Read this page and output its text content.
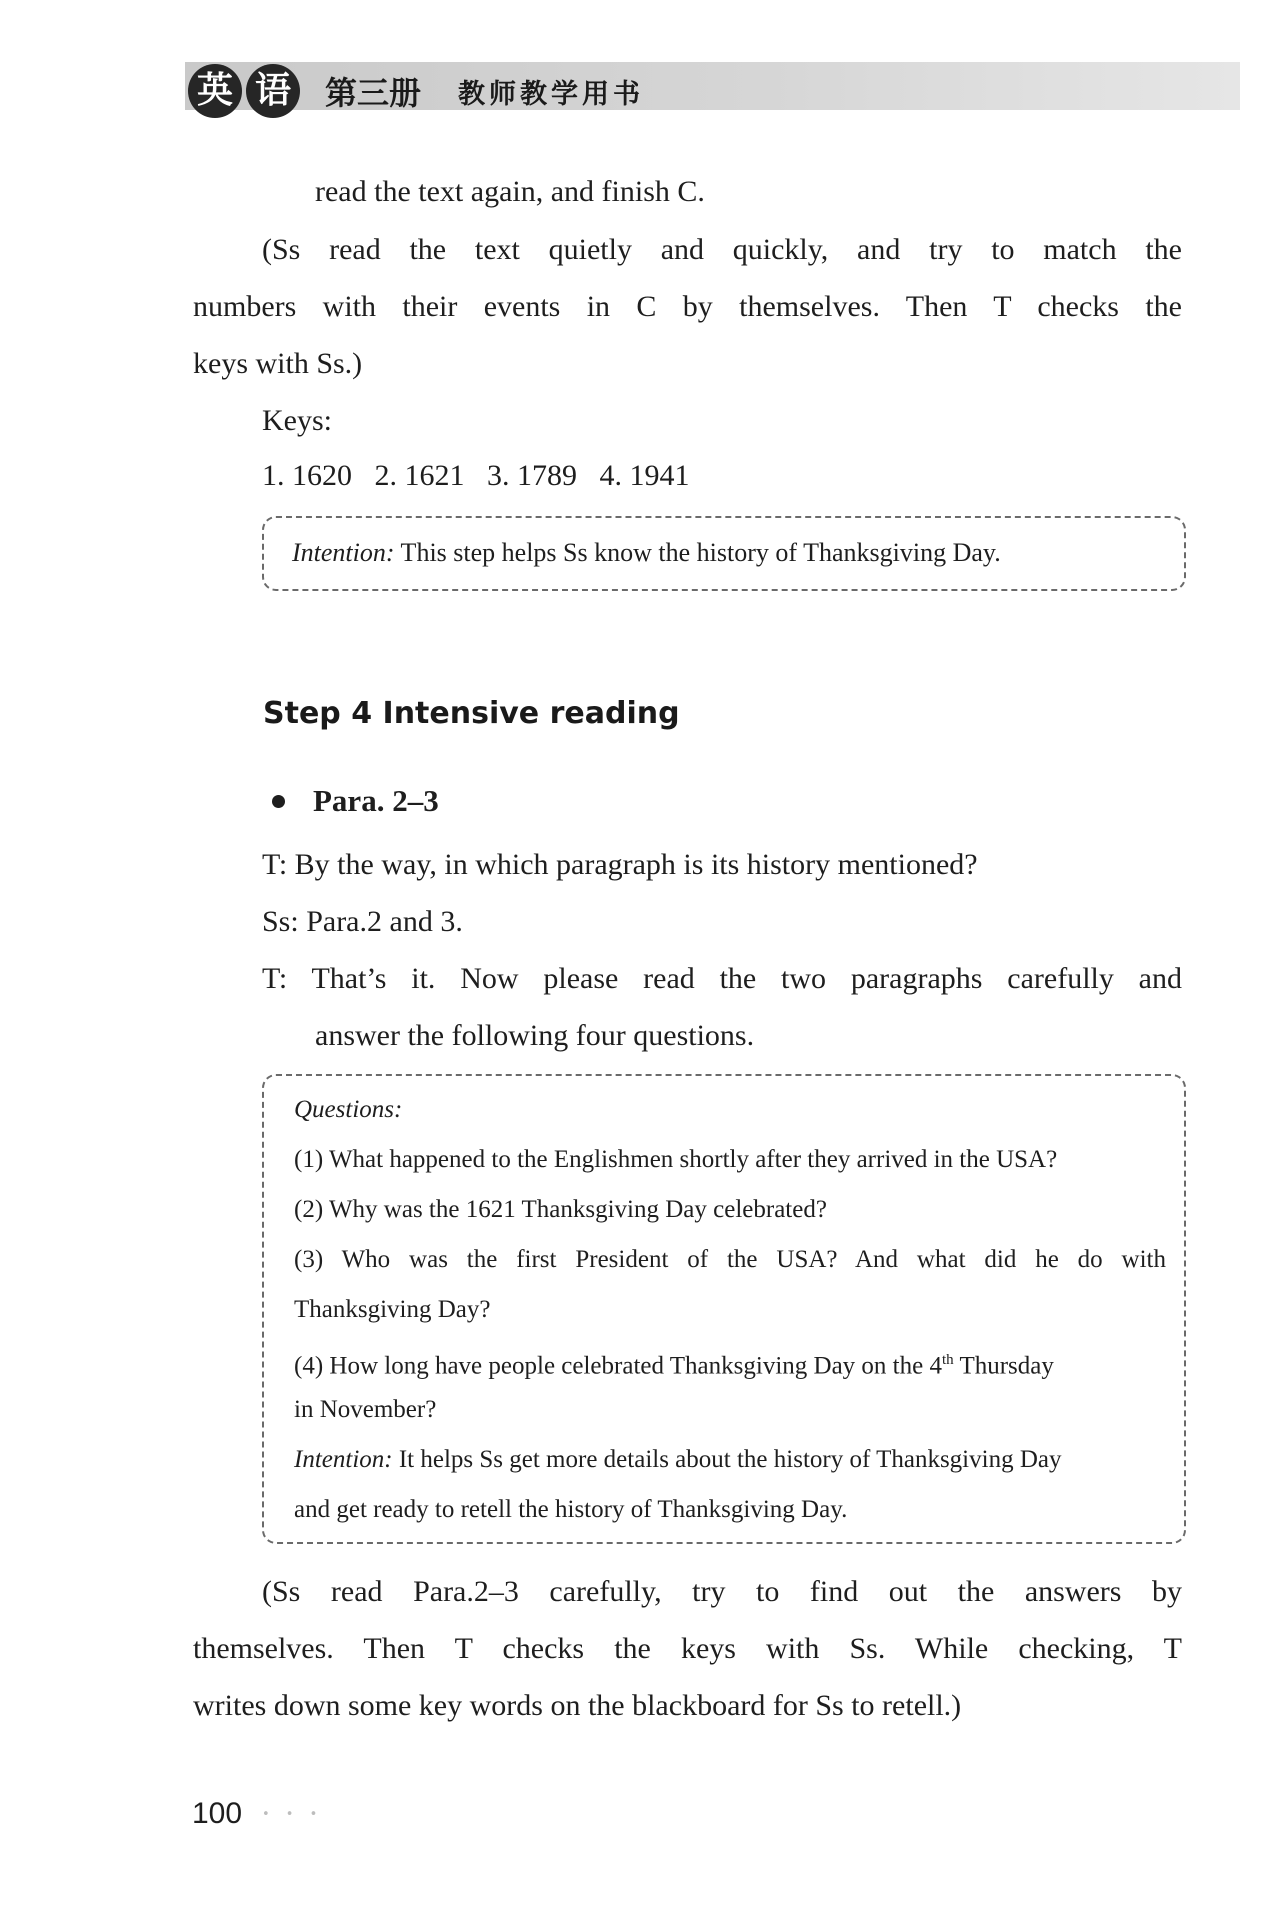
英 语 第三册 教师教学用书

read the text again, and finish C.

(Ss read the text quietly and quickly, and try to match the

numbers with their events in C by themselves. Then T checks the

keys with Ss.)

Keys:

1. 1620   2. 1621   3. 1789   4. 1941

Intention: This step helps Ss know the history of Thanksgiving Day.

Step 4 Intensive reading
Para. 2–3

T: By the way, in which paragraph is its history mentioned?

Ss: Para.2 and 3.

T: That’s it. Now please read the two paragraphs carefully and

answer the following four questions.

Questions:

(1) What happened to the Englishmen shortly after they arrived in the USA?

(2) Why was the 1621 Thanksgiving Day celebrated?

(3) Who was the first President of the USA? And what did he do with

Thanksgiving Day?

(4) How long have people celebrated Thanksgiving Day on the 4th Thursday

in November?

Intention: It helps Ss get more details about the history of Thanksgiving Day

and get ready to retell the history of Thanksgiving Day.

(Ss read Para.2–3 carefully, try to find out the answers by

themselves. Then T checks the keys with Ss. While checking, T

writes down some key words on the blackboard for Ss to retell.)

100 • • •
